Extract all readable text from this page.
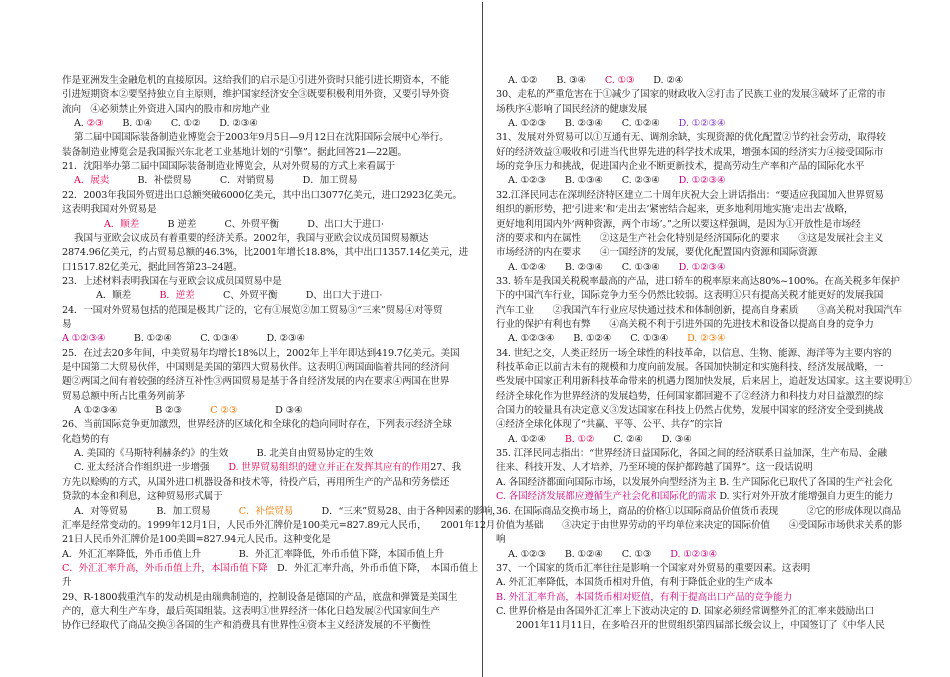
作是亚洲发生金融危机的直接原因。这给我们的启示是①引进外资时只能引进长期资本，不能
引进短期资本②要坚持独立自主原则，维护国家经济安全③既要积极利用外资，又要引导外资
流向　④必须禁止外资进入国内的股市和房地产业
A. ②③　　B. ①④　　C. ①②　　D. ②③④
第二届中国国际装备制造业博览会于2003年9月5日—9月12日在沈阳国际会展中心举行。
装备制造业博览会是我国振兴东北老工业基地计划的“引擎”。据此回答21—22题。
21．沈阳举办第二届中国国际装备制造业博览会，从对外贸易的方式上来看属于
A．展卖　　　B．补偿贸易　　　C．对销贸易　　　D．加工贸易
22．2003年我国外贸进出口总额突破6000亿美元，其中出口3077亿美元，进口2923亿美元。
这表明我国对外贸易是
A．顺差　　　B 逆差　　　C、外贸平衡　　　D、出口大于进口·
我国与亚欧会议成员有着重要的经济关系。2002年，我国与亚欧会议成员国贸易额达
2874.96亿美元，约占贸易总额的46.3%，比2001年增长18.8%，其中出口1357.14亿美元，进
口1517.82亿美元，据此回答第23–24题。
23．上述材料表明我国在与亚欧会议成员国贸易中是
A．顺差　　　B．逆差　　　C、外贸平衡　　　D、出口大于进口·
24．一国对外贸易包括的范围是极其广泛的，它有①展览②加工贸易③“三来”贸易④对等贸
易
A ①②③④　　　B. ①②④　　　C. ①③④　　　D. ②③④
25．在过去20多年间，中美贸易年均增长18%以上，2002年上半年即达到419.7亿美元。美国
是中国第二大贸易伙伴，中国则是美国的第四大贸易伙伴。这表明①两国面临着共同的经济问
题②两国之间有着较强的经济互补性③两国贸易是基于各自经济发展的内在要求④两国在世界
贸易总额中所占比重务列前茅
A ①②③④　　　　B ②③　　　C ②③　　　　D ③④
26、当前国际竞争更加激烈，世界经济的区域化和全球化的趋向同时存在，下列表示经济全球
化趋势的有
A. 美国的《马斯特利赫条约》的生效　　　B. 北美自由贸易协定的生效
C. 亚太经济合作组织进一步增强　　D. 世界贸易组织的建立并正在发挥其应有的作用27、我
方先以赊购的方式，从国外进口机器设备和技术等，待投产后，再用所生产的产品和劳务偿还
贷款的本金和利息，这种贸易形式属于
A．对等贸易　　　B．加工贸易　　　C．补偿贸易　　　D．“三来”贸易28、由于各种因素的影响，
汇率是经常变动的。1999年12月1日，人民币外汇牌价是100美元=827.89元人民币，　　2001年12月
21日人民币外汇牌价是100美圆=827.94元人民币。这种变化是
A．外汇汇率降低，外币币值上升　　　　B．外汇汇率降低，外币币值下降，本国币值上升
C．外汇汇率升高，外币币值上升，本国币值下降　D．外汇汇率升高，外币币值下降，　本国币值上
升
29、R-1800载重汽车的发动机是由瑞典制造的，控制设备是德国的产品，底盘和弹簧是美国生
产的，意大利生产车身，最后英国组装。这表明①世界经济一体化日趋发展②代国家间生产
协作已经取代了商品交换③各国的生产和消费具有世界性④资本主义经济发展的不平衡性
A. ①②　　B. ③④　　C. ①③　　D. ②④
30、走私的严重危害在于①减少了国家的财政收入②打击了民族工业的发展③破坏了正常的市
场秩序④影响了国民经济的健康发展
A. ①②③　　B. ②③④　　C. ①②④　　D. ①②③④
31、发展对外贸易可以①互通有无、调剂余缺，实现资源的优化配置②节约社会劳动，取得较
好的经济效益③吸收和引进当代世界先进的科学技术成果，增强本国的经济实力④接受国际市
场的竞争压力和挑战，促进国内企业不断更新技术，提高劳动生产率和产品的国际化水平
A. ①②③　　B. ①③④　　C. ②③④　　D. ①②③④
32.江泽民同志在深圳经济特区建立二十周年庆祝大会上讲话指出：“要适应我国加入世界贸易
组织的新形势，把‘引进来’和‘走出去’紧密结合起来，更多地利用地实施‘走出去’战略，
更好地利用国内外‘两种资源，两个市场’。”之所以要这样强调，是因为①开放性是市场经
济的要求和内在属性　　②这是生产社会化特别是经济国际化的要求　　③这是发展社会主义
市场经济的内在要求　　④一国经济的发展，要优化配置国内资源和国际资源
A. ①②④　　B. ②③④　　C. ①③④　　D. ①②③④
33. 轿车是我国关税税率最高的产品，进口轿车的税率原来高达80%~100%。在高关税多年保护
下的中国汽车行业，国际竞争力至今仍然比较弱。这表明①只有提高关税才能更好的发展我国
汽车工业　　②我国汽车行业应尽快通过技术和体制创新，提高自身素质　　③高关税对我国汽车
行业的保护有利也有弊　　④高关税不利于引进外国的先进技术和设备以提高自身的竞争力
A. ①②③④　　B. ①②④　　C. ①③④　　D. ②③④
34. 世纪之交，人类正经历一场全球性的科技革命，以信息、生物、能源、海洋等为主要内容的
科技革命正以前古未有的规模和力度向前发展。各国加快制定和实施科技、经济发展战略，一
些发展中国家正利用新科技革命带来的机遇力图加快发展，后来居上，追赶发达国家。这主要说明①
经济全球化作为世界经济的发展趋势，任何国家都回避不了②经济力和科技力对日益激烈的综
合国力的较量具有决定意义③发达国家在科技上仍然占优势，发展中国家的经济安全受到挑战
④经济全球化体现了“共赢、平等、公平、共存”的宗旨
A. ①②④　　B. ①②　　C. ②④　　D. ③④
35. 江泽民同志指出：“世界经济日益国际化，各国之间的经济联系日益加深，生产布局、金融
往来、科技开发、人才培养，乃至环境的保护都跨越了国界”。这一段话说明
A. 各国经济都面向国际市场，以发展外向型经济为主 B. 生产国际化已取代了各国的生产社会化
C. 各国经济发展都应遵循生产社会化和国际化的需求 D. 实行对外开放才能增强自力更生的能力
36. 在国际商品交换市场上，商品的价格①以国际商品价值货币表现　　　②它的形成体现以商品
价值为基础　　③决定于由世界劳动的平均单位来决定的国际价值　　④受国际市场供求关系的影
响
A. ①②③　　B. ①②④　　C. ①③　　D. ①②③④
37、一个国家的货币汇率往往是影响一个国家对外贸易的重要因素。这表明
A. 外汇汇率降低，本国货币相对升值，有利于降低企业的生产成本
B. 外汇汇率升高，本国货币相对贬值，有利于提高出口产品的竞争能力
C. 世界价格是由各国外汇汇率上下波动决定的 D. 国家必须经常调整外汇的汇率来鼓励出口
2001年11月11日，在多哈召开的世贸组织第四届部长级会议上，中国签订了《中华人民
